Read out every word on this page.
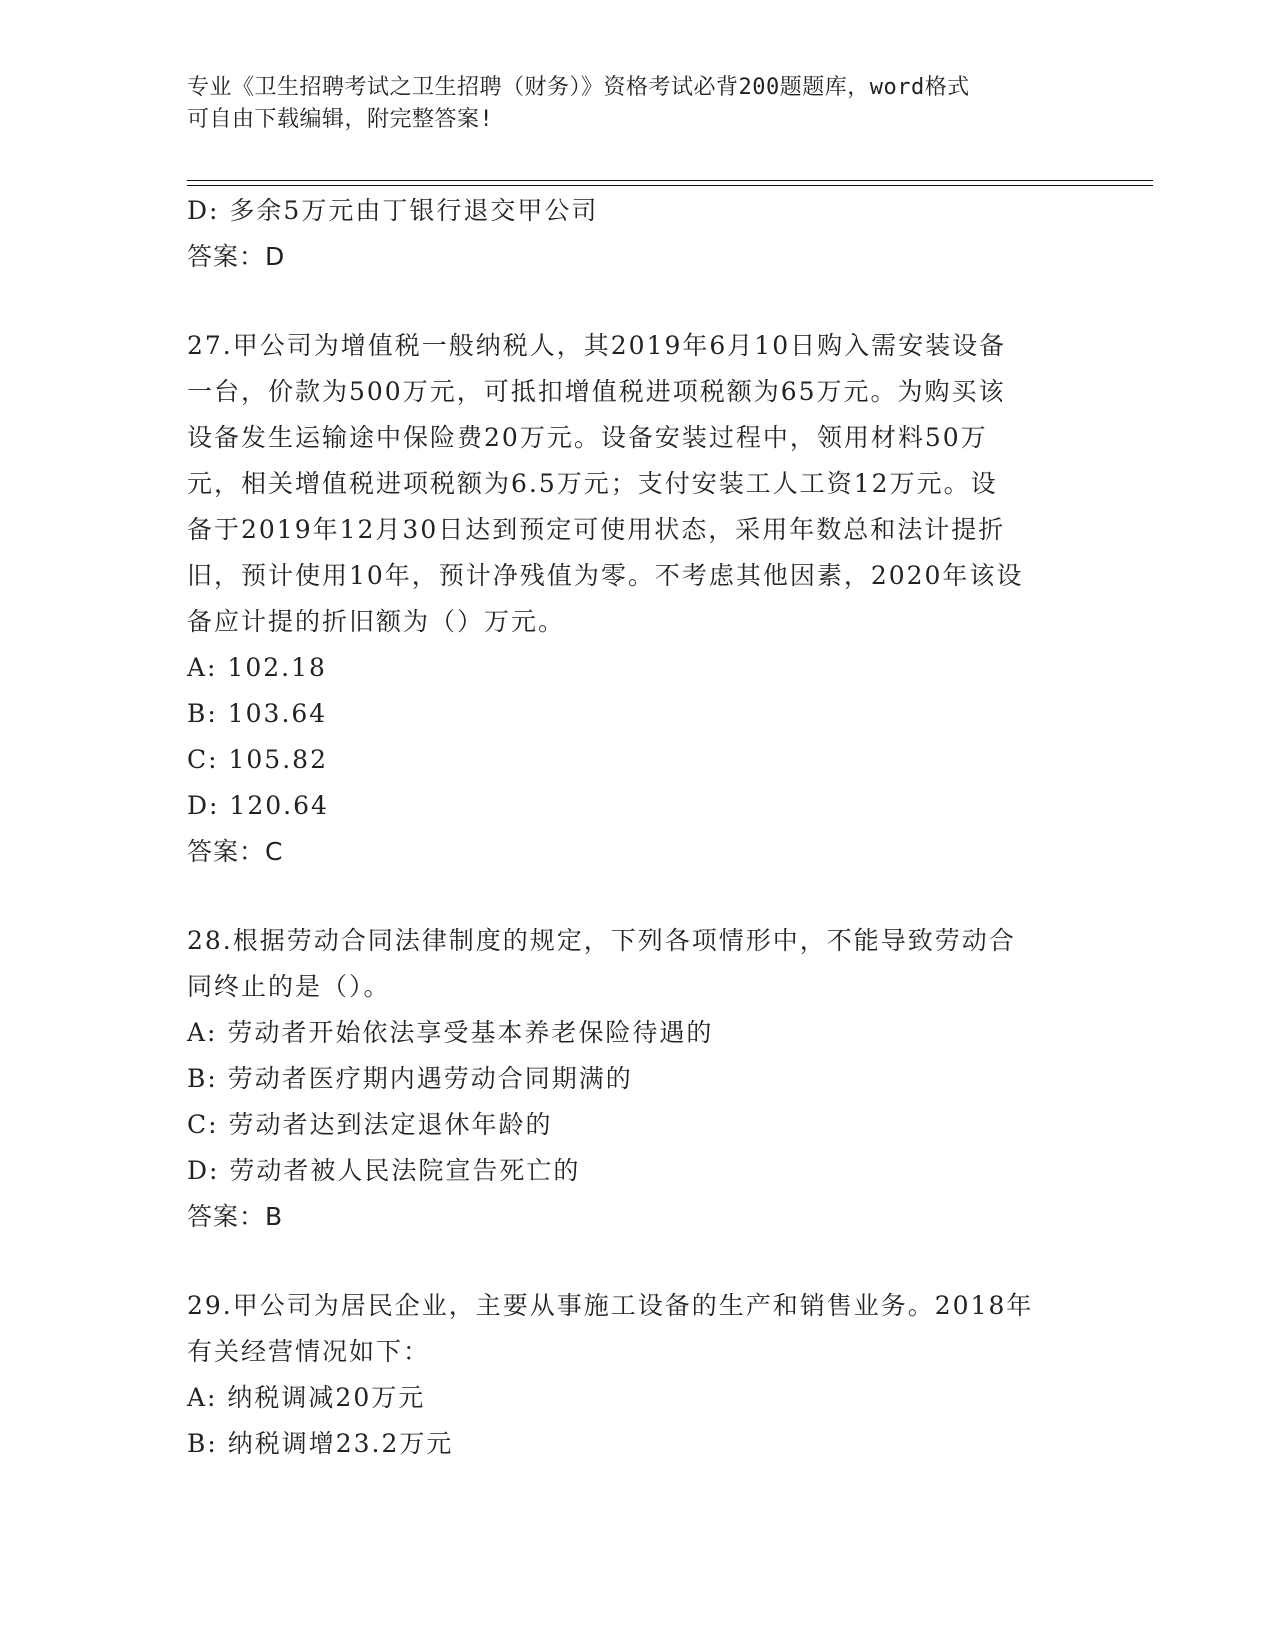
专业《卫生招聘考试之卫生招聘（财务）》资格考试必背200题题库，word格式
可自由下载编辑，附完整答案!
D: 多余5万元由丁银行退交甲公司
答案：D
27.甲公司为增值税一般纳税人，其2019年6月10日购入需安装设备
一台，价款为500万元，可抵扣增值税进项税额为65万元。为购买该
设备发生运输途中保险费20万元。设备安装过程中，领用材料50万
元，相关增值税进项税额为6.5万元；支付安装工人工资12万元。设
备于2019年12月30日达到预定可使用状态，采用年数总和法计提折
旧，预计使用10年，预计净残值为零。不考虑其他因素，2020年该设
备应计提的折旧额为（）万元。
A: 102.18
B: 103.64
C: 105.82
D: 120.64
答案：C
28.根据劳动合同法律制度的规定，下列各项情形中，不能导致劳动合
同终止的是（）。
A: 劳动者开始依法享受基本养老保险待遇的
B: 劳动者医疗期内遇劳动合同期满的
C: 劳动者达到法定退休年龄的
D: 劳动者被人民法院宣告死亡的
答案：B
29.甲公司为居民企业，主要从事施工设备的生产和销售业务。2018年
有关经营情况如下：
A: 纳税调减20万元
B: 纳税调增23.2万元
